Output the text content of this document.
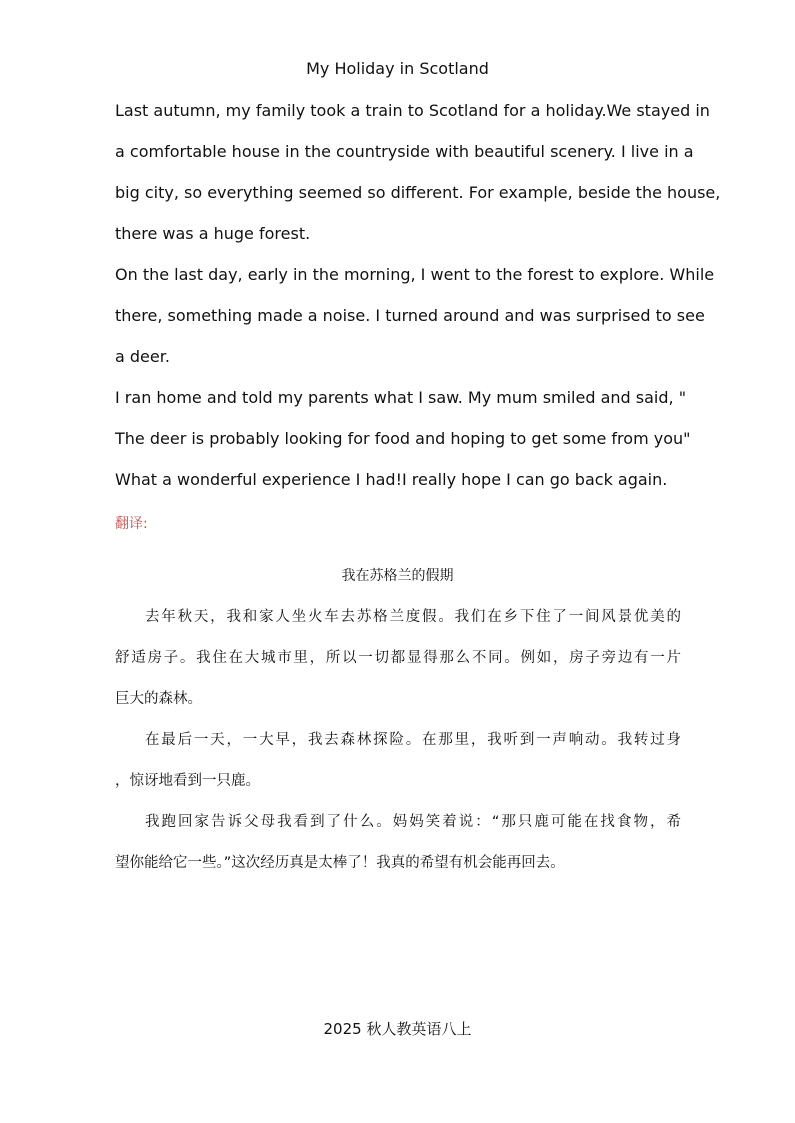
My Holiday in Scotland
Last autumn, my family took a train to Scotland for a holiday.We stayed in
a comfortable house in the countryside with beautiful scenery. I live in a
big city, so everything seemed so different. For example, beside the house,
there was a huge forest.
On the last day, early in the morning, I went to the forest to explore. While
there, something made a noise. I turned around and was surprised to see
a deer.
I ran home and told my parents what I saw. My mum smiled and said, "
The deer is probably looking for food and hoping to get some from you"
What a wonderful experience I had!I really hope I can go back again.
翻译:
我在苏格兰的假期
去年秋天，我和家人坐火车去苏格兰度假。我们在乡下住了一间风景优美的
舒适房子。我住在大城市里，所以一切都显得那么不同。例如，房子旁边有一片
巨大的森林。
在最后一天，一大早，我去森林探险。在那里，我听到一声响动。我转过身
，惊讶地看到一只鹿。
我跑回家告诉父母我看到了什么。妈妈笑着说：“那只鹿可能在找食物，希
望你能给它一些。”这次经历真是太棒了！我真的希望有机会能再回去。
2025 秋人教英语八上
